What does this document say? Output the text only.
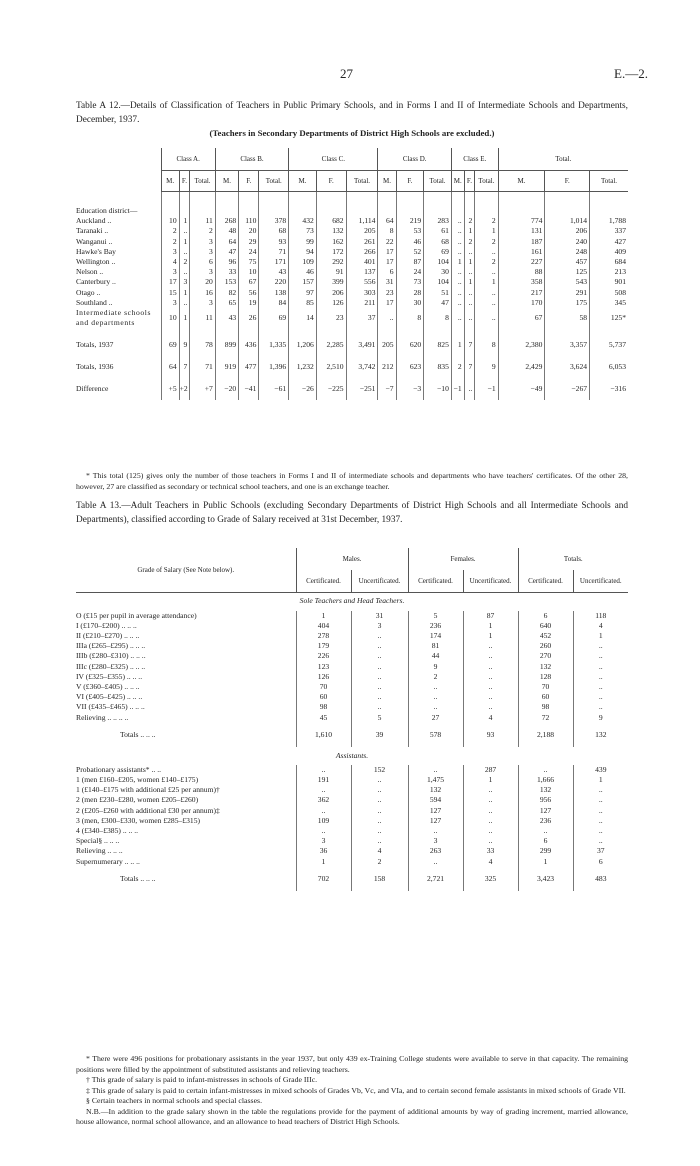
27	E.—2.
Table A 12.—Details of Classification of Teachers in Public Primary Schools, and in Forms I and II of Intermediate Schools and Departments, December, 1937.
(Teachers in Secondary Departments of District High Schools are excluded.)
	Class A.			Class B.			Class C.			Class D.			Class E.			Total.		
	M.	F.	Total.	M.	F.	Total.	M.	F.	Total.	M.	F.	Total.	M.	F.	Total.	M.	F.	Total.

Education district—																		
Auckland ..	10	1	11	268	110	378	432	682	1,114	64	219	283	..	2	2	774	1,014	1,788
Taranaki ..	2	..	2	48	20	68	73	132	205	8	53	61	..	1	1	131	206	337
Wanganui ..	2	1	3	64	29	93	99	162	261	22	46	68	..	2	2	187	240	427
Hawke's Bay	3	..	3	47	24	71	94	172	266	17	52	69	..	..	..	161	248	409
Wellington ..	4	2	6	96	75	171	109	292	401	17	87	104	1	1	2	227	457	684
Nelson ..	3	..	3	33	10	43	46	91	137	6	24	30	..	..	..	88	125	213
Canterbury ..	17	3	20	153	67	220	157	399	556	31	73	104	..	1	1	358	543	901
Otago ..	15	1	16	82	56	138	97	206	303	23	28	51	..	..	..	217	291	508
Southland ..	3	..	3	65	19	84	85	126	211	17	30	47	..	..	..	170	175	345
Intermediate schools and departments	10	1	11	43	26	69	14	23	37	..	8	8	..	..	..	67	58	125*

Totals, 1937	69	9	78	899	436	1,335	1,206	2,285	3,491	205	620	825	1	7	8	2,380	3,357	5,737
Totals, 1936	64	7	71	919	477	1,396	1,232	2,510	3,742	212	623	835	2	7	9	2,429	3,624	6,053
Difference	+5	+2	+7	−20	−41	−61	−26	−225	−251	−7	−3	−10	−1	..	−1	−49	−267	−316

* This total (125) gives only the number of those teachers in Forms I and II of intermediate schools and departments who have teachers' certificates. Of the other 28, however, 27 are classified as secondary or technical school teachers, and one is an exchange teacher.

Table A 13.—Adult Teachers in Public Schools (excluding Secondary Departments of District High Schools and all Intermediate Schools and Departments), classified according to Grade of Salary received at 31st December, 1937.
Grade of Salary (See Note below).	Males.		Females.		Totals.	
	Certificated.	Uncertificated.	Certificated.	Uncertificated.	Certificated.	Uncertificated.
Sole Teachers and Head Teachers.						
O (£15 per pupil in average attendance)	1	31	5	87	6	118
I (£170–£200) .. .. ..	404	3	236	1	640	4
II (£210–£270) .. .. ..	278	..	174	1	452	1
IIIa (£265–£295) .. .. ..	179	..	81	..	260	..
IIIb (£280–£310) .. .. ..	226	..	44	..	270	..
IIIc (£280–£325) .. .. ..	123	..	9	..	132	..
IV (£325–£355) .. .. ..	126	..	2	..	128	..
V (£360–£405) .. .. ..	70	..	..	..	70	..
VI (£405–£425) .. .. ..	60	..	..	..	60	..
VII (£435–£465) .. .. ..	98	..	..	..	98	..
Relieving .. .. .. ..	45	5	27	4	72	9
Totals .. .. ..	1,610	39	578	93	2,188	132
Assistants.						
Probationary assistants* .. ..	..	152	..	287	..	439
1 (men £160–£205, women £140–£175)	191	..	1,475	1	1,666	1
1 (£140–£175 with additional £25 per annum)†	..	..	132	..	132	..
2 (men £230–£280, women £205–£260)	362	..	594	..	956	..
2 (£205–£260 with additional £30 per annum)‡	..	..	127	..	127	..
3 (men, £300–£330, women £285–£315)	109	..	127	..	236	..
4 (£340–£385) .. .. ..	..	..	..	..	..	..
Special§ .. .. ..	3	..	3	..	6	..
Relieving .. .. ..	36	4	263	33	299	37
Supernumerary .. .. ..	1	2	..	4	1	6
Totals .. .. ..	702	158	2,721	325	3,423	483

* There were 496 positions for probationary assistants in the year 1937, but only 439 ex-Training College students were available to serve in that capacity. The remaining positions were filled by the appointment of substituted assistants and relieving teachers.

† This grade of salary is paid to infant-mistresses in schools of Grade IIIc.

‡ This grade of salary is paid to certain infant-mistresses in mixed schools of Grades Vb, Vc, and VIa, and to certain second female assistants in mixed schools of Grade VII.

§ Certain teachers in normal schools and special classes.

N.B.—In addition to the grade salary shown in the table the regulations provide for the payment of additional amounts by way of grading increment, married allowance, house allowance, normal school allowance, and an allowance to head teachers of District High Schools.
